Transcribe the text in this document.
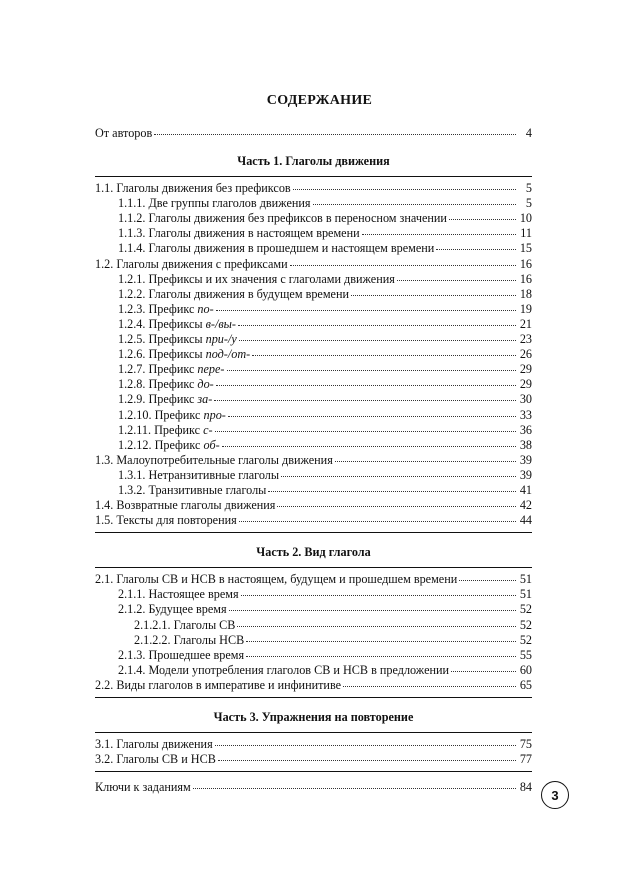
СОДЕРЖАНИЕ
От авторов	4
Часть 1. Глаголы движения
1.1. Глаголы движения без префиксов	5
1.1.1. Две группы глаголов движения	5
1.1.2. Глаголы движения без префиксов в переносном значении	10
1.1.3. Глаголы движения в настоящем времени	11
1.1.4. Глаголы движения в прошедшем и настоящем времени	15
1.2. Глаголы движения с префиксами	16
1.2.1. Префиксы и их значения с глаголами движения	16
1.2.2. Глаголы движения в будущем времени	18
1.2.3. Префикс по-	19
1.2.4. Префиксы в-/вы-	21
1.2.5. Префиксы при-/у	23
1.2.6. Префиксы под-/от-	26
1.2.7. Префикс пере-	29
1.2.8. Префикс до-	29
1.2.9. Префикс за-	30
1.2.10. Префикс про-	33
1.2.11. Префикс с-	36
1.2.12. Префикс об-	38
1.3. Малоупотребительные глаголы движения	39
1.3.1. Нетранзитивные глаголы	39
1.3.2. Транзитивные глаголы	41
1.4. Возвратные глаголы движения	42
1.5. Тексты для повторения	44
Часть 2. Вид глагола
2.1. Глаголы СВ и НСВ в настоящем, будущем и прошедшем времени	51
2.1.1. Настоящее время	51
2.1.2. Будущее время	52
2.1.2.1. Глаголы СВ	52
2.1.2.2. Глаголы НСВ	52
2.1.3. Прошедшее время	55
2.1.4. Модели употребления глаголов СВ и НСВ в предложении	60
2.2. Виды глаголов в императиве и инфинитиве	65
Часть 3. Упражнения на повторение
3.1. Глаголы движения	75
3.2. Глаголы СВ и НСВ	77
Ключи к заданиям	84
3
